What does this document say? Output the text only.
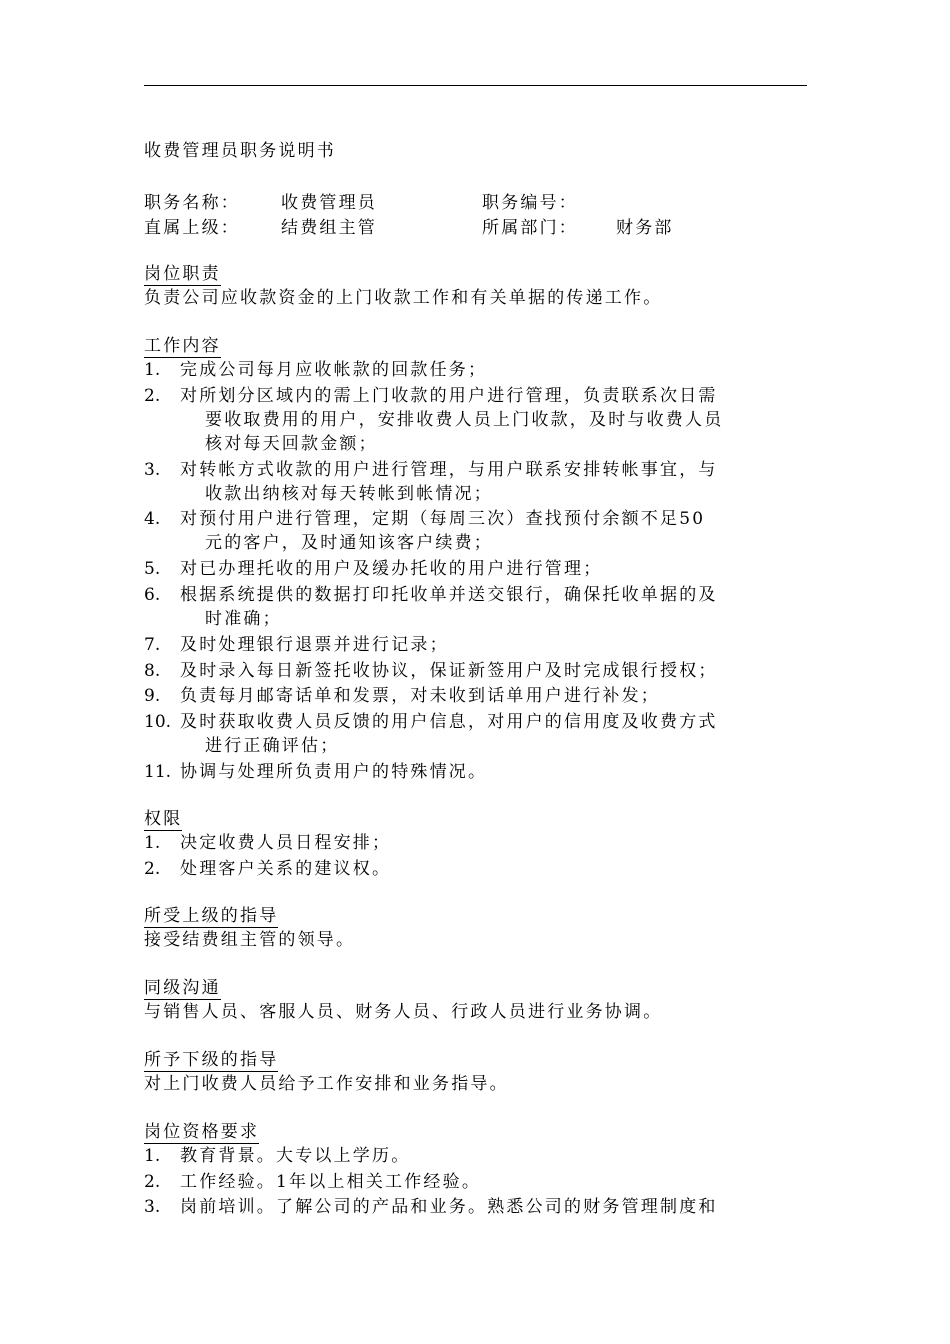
收费管理员职务说明书
职务名称： 收费管理员	职务编号：
直属上级： 结费组主管	所属部门： 财务部
岗位职责
负责公司应收款资金的上门收款工作和有关单据的传递工作。
工作内容
1. 完成公司每月应收帐款的回款任务；
2. 对所划分区域内的需上门收款的用户进行管理，负责联系次日需
要收取费用的用户，安排收费人员上门收款，及时与收费人员
核对每天回款金额；
3. 对转帐方式收款的用户进行管理，与用户联系安排转帐事宜，与
收款出纳核对每天转帐到帐情况；
4. 对预付用户进行管理，定期（每周三次）查找预付余额不足50
元的客户，及时通知该客户续费；
5. 对已办理托收的用户及缓办托收的用户进行管理；
6. 根据系统提供的数据打印托收单并送交银行，确保托收单据的及
时准确；
7. 及时处理银行退票并进行记录；
8. 及时录入每日新签托收协议，保证新签用户及时完成银行授权；
9. 负责每月邮寄话单和发票，对未收到话单用户进行补发；
10. 及时获取收费人员反馈的用户信息，对用户的信用度及收费方式
进行正确评估；
11. 协调与处理所负责用户的特殊情况。
权限
1. 决定收费人员日程安排；
2. 处理客户关系的建议权。
所受上级的指导
接受结费组主管的领导。
同级沟通
与销售人员、客服人员、财务人员、行政人员进行业务协调。
所予下级的指导
对上门收费人员给予工作安排和业务指导。
岗位资格要求
1. 教育背景。大专以上学历。
2. 工作经验。1年以上相关工作经验。
3. 岗前培训。了解公司的产品和业务。熟悉公司的财务管理制度和
